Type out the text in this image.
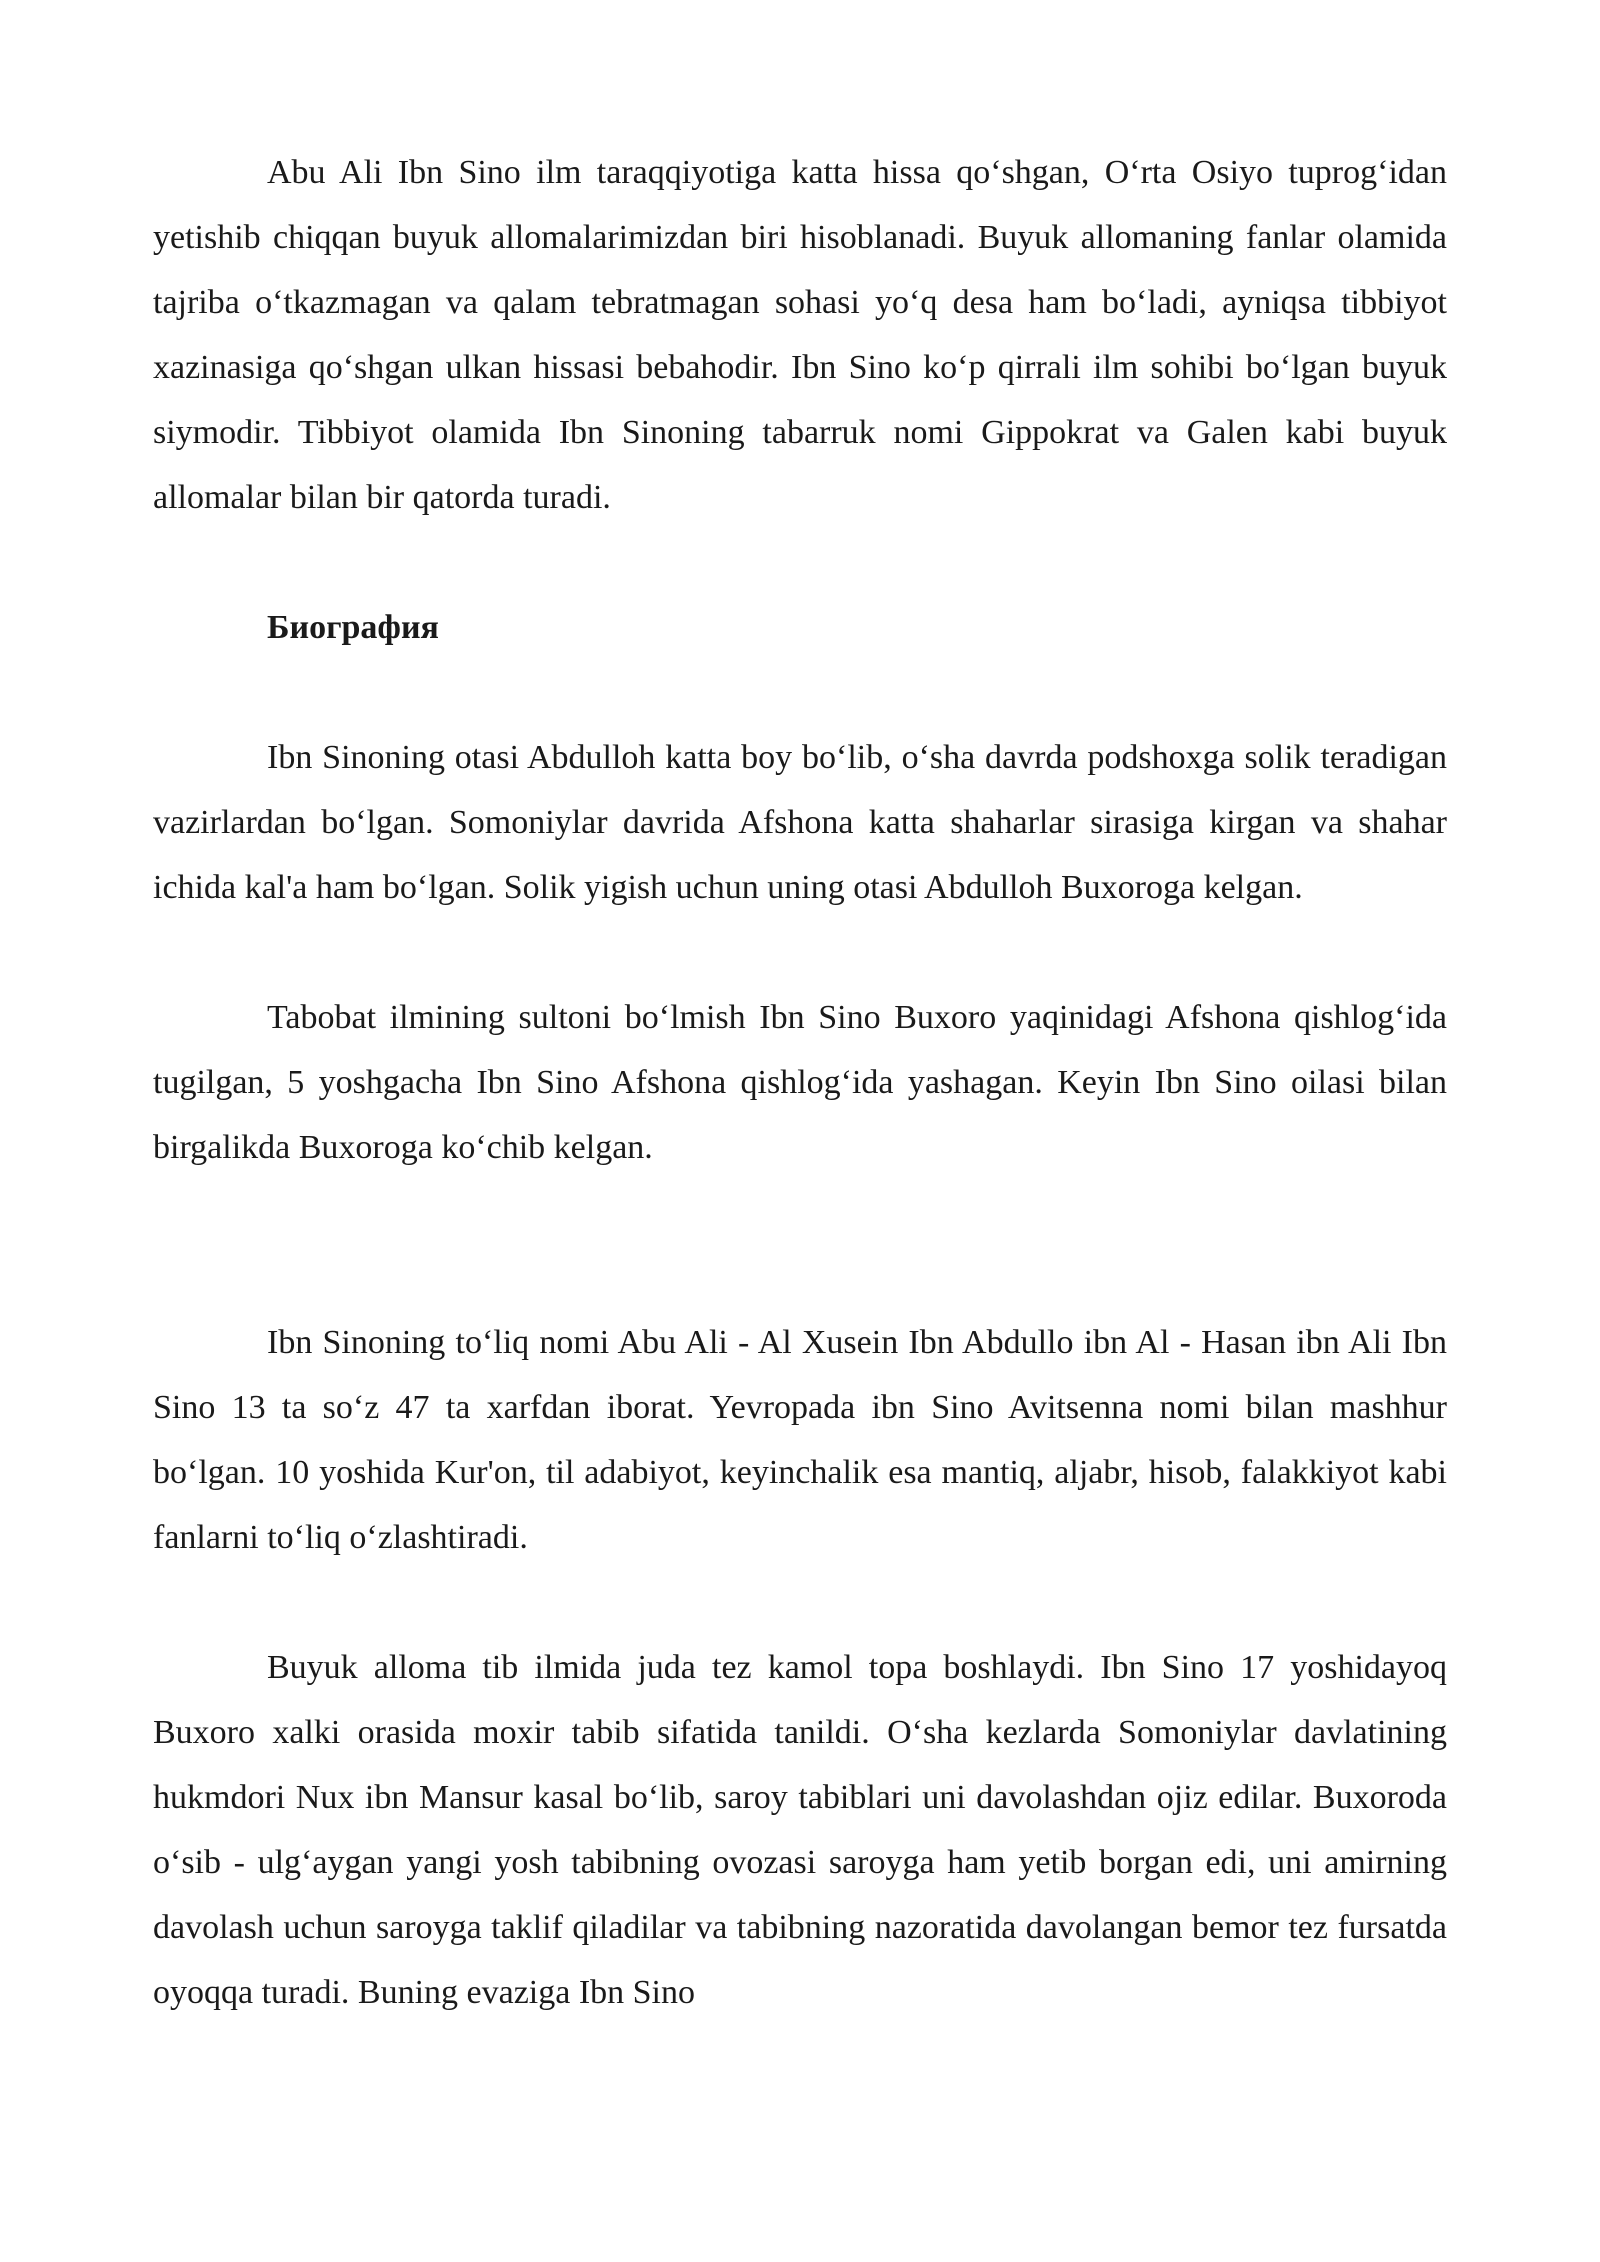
Abu Ali Ibn Sino ilm taraqqiyotiga katta hissa qo‘shgan, O‘rta Osiyo tuprog‘idan yetishib chiqqan buyuk allomalarimizdan biri hisoblanadi. Buyuk allomaning fanlar olamida tajriba o‘tkazmagan va qalam tebratmagan sohasi yo‘q desa ham bo‘ladi, ayniqsa tibbiyot xazinasiga qo‘shgan ulkan hissasi bebahodir. Ibn Sino ko‘p qirrali ilm sohibi bo‘lgan buyuk siymodir. Tibbiyot olamida Ibn Sinoning tabarruk nomi Gippokrat va Galen kabi buyuk allomalar bilan bir qatorda turadi.

Биография

Ibn Sinoning otasi Abdulloh katta boy bo‘lib, o‘sha davrda podshoxga solik teradigan vazirlardan bo‘lgan. Somoniylar davrida Afshona katta shaharlar sirasiga kirgan va shahar ichida kal'a ham bo‘lgan. Solik yigish uchun uning otasi Abdulloh Buxoroga kelgan.

Tabobat ilmining sultoni bo‘lmish Ibn Sino Buxoro yaqinidagi Afshona qishlog‘ida tugilgan, 5 yoshgacha Ibn Sino Afshona qishlog‘ida yashagan. Keyin Ibn Sino oilasi bilan birgalikda Buxoroga ko‘chib kelgan.

Ibn Sinoning to‘liq nomi Abu Ali - Al Xusein Ibn Abdullo ibn Al - Hasan ibn Ali Ibn Sino 13 ta so‘z 47 ta xarfdan iborat. Yevropada ibn Sino Avitsenna nomi bilan mashhur bo‘lgan. 10 yoshida Kur'on, til adabiyot, keyinchalik esa mantiq, aljabr, hisob, falakkiyot kabi fanlarni to‘liq o‘zlashtiradi.

Buyuk alloma tib ilmida juda tez kamol topa boshlaydi. Ibn Sino 17 yoshidayoq Buxoro xalki orasida moxir tabib sifatida tanildi. O‘sha kezlarda Somoniylar davlatining hukmdori Nux ibn Mansur kasal bo‘lib, saroy tabiblari uni davolashdan ojiz edilar. Buxoroda o‘sib - ulg‘aygan yangi yosh tabibning ovozasi saroyga ham yetib borgan edi, uni amirning davolash uchun saroyga taklif qiladilar va tabibning nazoratida davolangan bemor tez fursatda oyoqqa turadi. Buning evaziga Ibn Sino
